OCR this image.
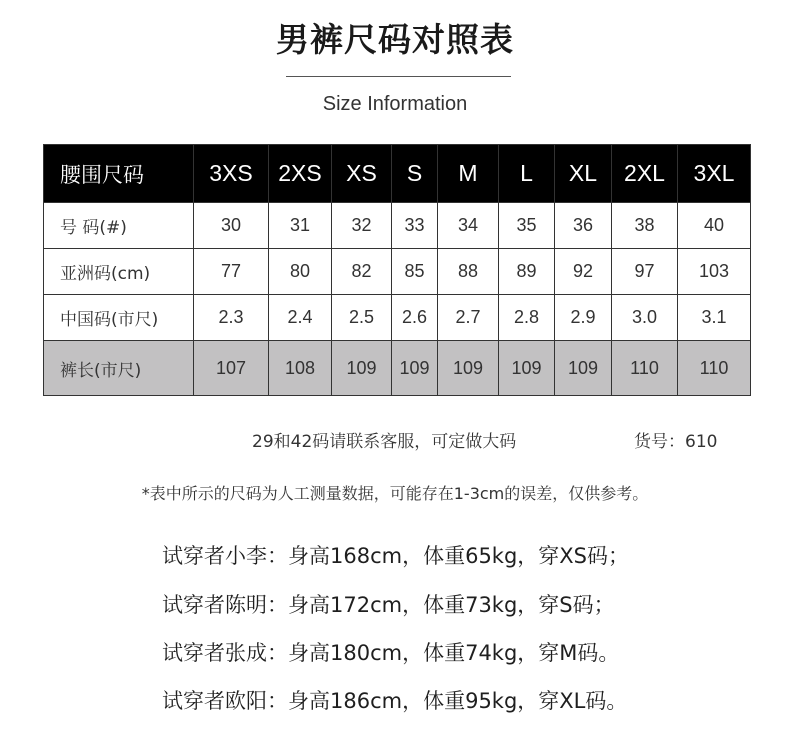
男裤尺码对照表
Size Information
腰围尺码	3XS	2XS	XS	S	M	L	XL	2XL	3XL
号 码(#)	30	31	32	33	34	35	36	38	40
亚洲码(cm)	77	80	82	85	88	89	92	97	103
中国码(市尺)	2.3	2.4	2.5	2.6	2.7	2.8	2.9	3.0	3.1
裤长(市尺)	107	108	109	109	109	109	109	110	110
29和42码请联系客服，可定做大码	货号：610
*表中所示的尺码为人工测量数据，可能存在1-3cm的误差，仅供参考。
试穿者小李：身高168cm，体重65kg，穿XS码；
试穿者陈明：身高172cm，体重73kg，穿S码；
试穿者张成：身高180cm，体重74kg，穿M码。
试穿者欧阳：身高186cm，体重95kg，穿XL码。
